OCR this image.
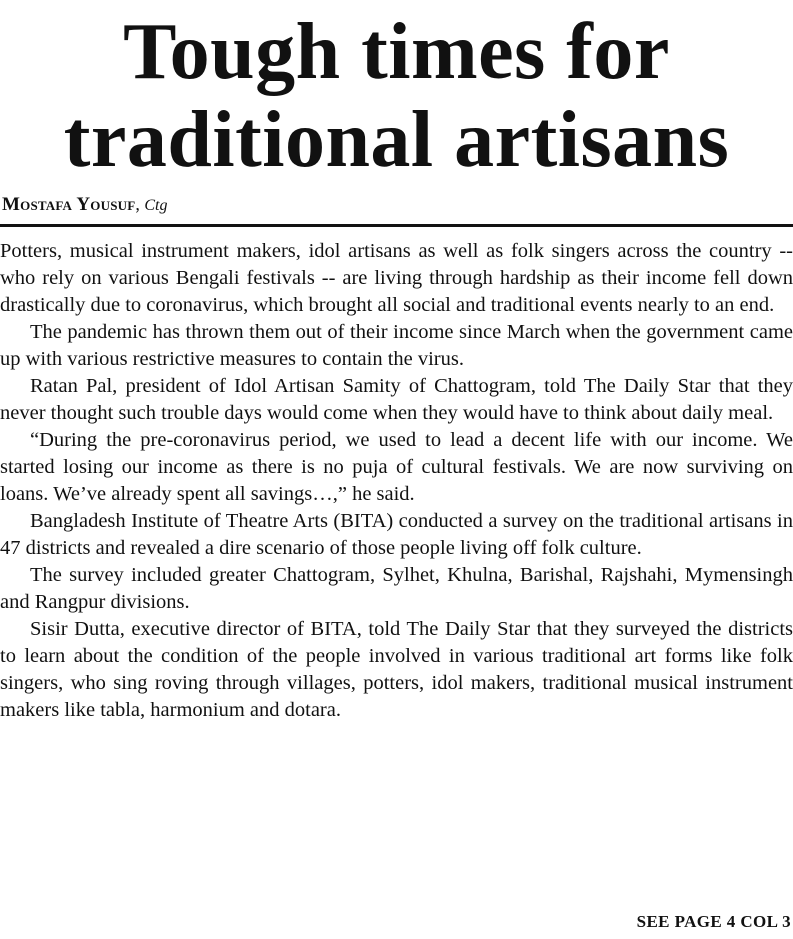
Tough times for traditional artisans
Mostafa Yousuf, Ctg

Potters, musical instrument makers, idol artisans as well as folk singers across the country -- who rely on various Bengali festivals -- are living through hardship as their income fell down drastically due to coronavirus, which brought all social and traditional events nearly to an end.

The pandemic has thrown them out of their income since March when the government came up with various restrictive measures to contain the virus.

Ratan Pal, president of Idol Artisan Samity of Chattogram, told The Daily Star that they never thought such trouble days would come when they would have to think about daily meal.

“During the pre-coronavirus period, we used to lead a decent life with our income. We started losing our income as there is no puja of cultural festivals. We are now surviving on loans. We’ve already spent all savings…,” he said.

Bangladesh Institute of Theatre Arts (BITA) conducted a survey on the traditional artisans in 47 districts and revealed a dire scenario of those people living off folk culture.

The survey included greater Chattogram, Sylhet, Khulna, Barishal, Rajshahi, Mymensingh and Rangpur divisions.

Sisir Dutta, executive director of BITA, told The Daily Star that they surveyed the districts to learn about the condition of the people involved in various traditional art forms like folk singers, who sing roving through villages, potters, idol makers, traditional musical instrument makers like tabla, harmonium and dotara.

SEE PAGE 4 COL 3
